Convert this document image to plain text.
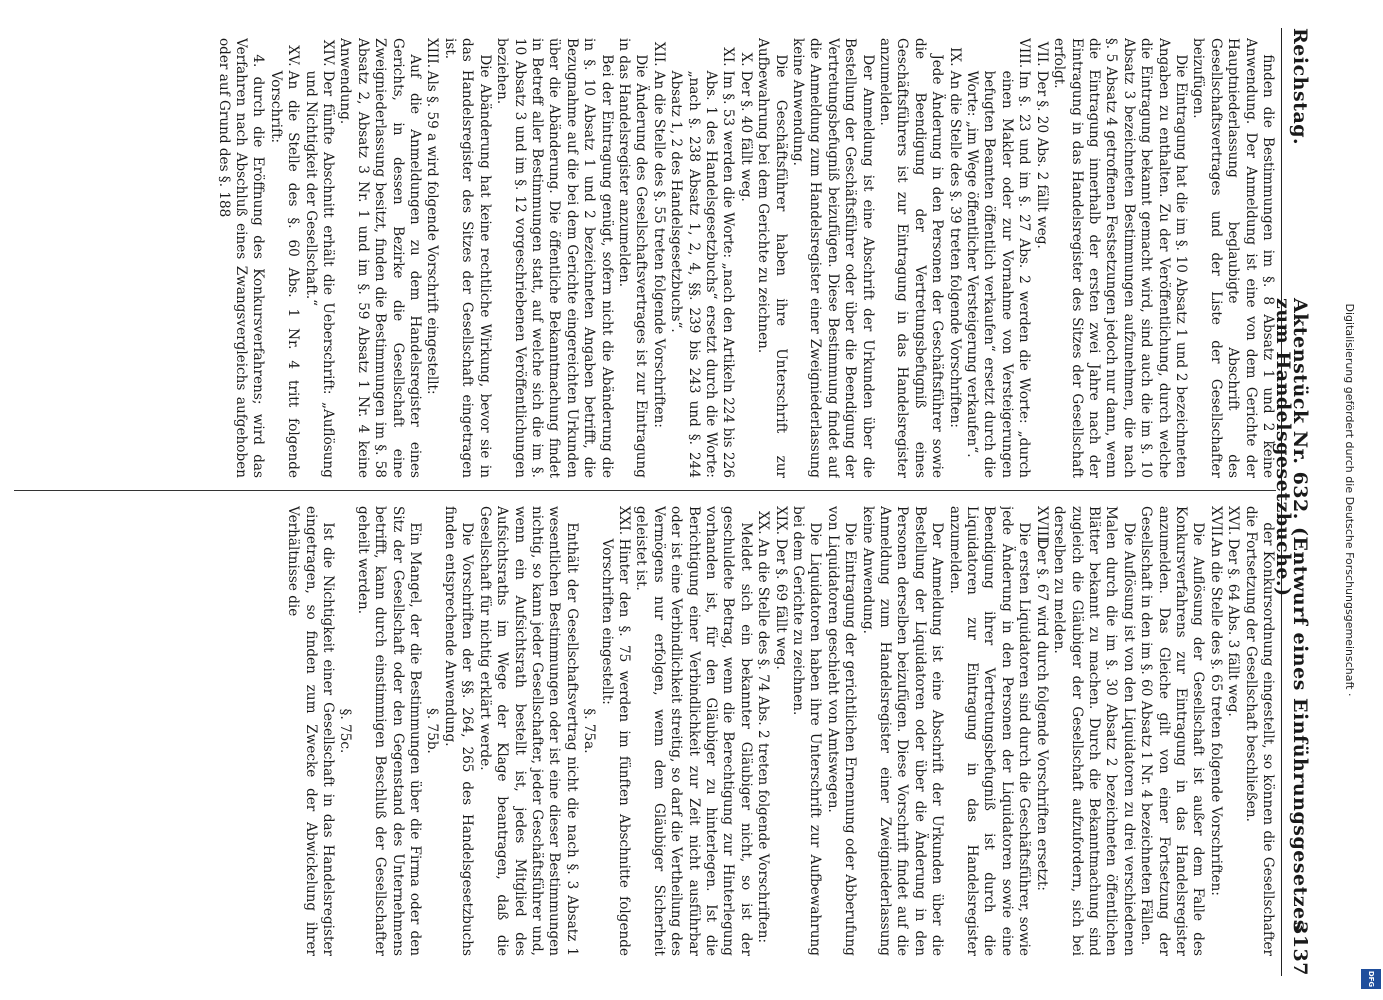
Reichstag.
Aktenstück Nr. 632. (Entwurf eines Einführungsgesetzes zum Handelsgesetzbuche.)
3137

finden die Bestimmungen im §. 8 Absatz 1 und 2 keine Anwendung. Der Anmeldung ist eine von dem Gerichte der Hauptniederlassung beglaubigte Abschrift des Gesellschaftsvertrages und der Liste der Gesellschafter beizufügen.

Die Eintragung hat die im §. 10 Absatz 1 und 2 bezeichneten Angaben zu enthalten. Zu der Veröffentlichung, durch welche die Eintragung bekannt gemacht wird, sind auch die im §. 10 Absatz 3 bezeichneten Bestimmungen aufzunehmen, die nach §. 5 Absatz 4 getroffenen Festsetzungen jedoch nur dann, wenn die Eintragung innerhalb der ersten zwei Jahre nach der Eintragung in das Handelsregister des Sitzes der Gesellschaft erfolgt.

VII.Der §. 20 Abs. 2 fällt weg.

VIII.Im §. 23 und im §. 27 Abs. 2 werden die Worte: „durch einen Makler oder zur Vornahme von Versteigerungen befugten Beamten öffentlich verkaufen“ ersetzt durch die Worte: „im Wege öffentlicher Versteigerung verkaufen“.

IX.An die Stelle des §. 39 treten folgende Vorschriften:

Jede Änderung in den Personen der Geschäftsführer sowie die Beendigung der Vertretungsbefugniß eines Geschäftsführers ist zur Eintragung in das Handelsregister anzumelden.

Der Anmeldung ist eine Abschrift der Urkunden über die Bestellung der Geschäftsführer oder über die Beendigung der Vertretungsbefugniß beizufügen. Diese Bestimmung findet auf die Anmeldung zum Handelsregister einer Zweigniederlassung keine Anwendung.

Die Geschäftsführer haben ihre Unterschrift zur Aufbewahrung bei dem Gerichte zu zeichnen.

X.Der §. 40 fällt weg.

XI.Im §. 53 werden die Worte: „nach den Artikeln 224 bis 226 Abs. 1 des Handelsgesetzbuchs“ ersetzt durch die Worte: „nach §. 238 Absatz 1, 2, 4, §§. 239 bis 243 und §. 244 Absatz 1, 2 des Handelsgesetzbuchs“.

XII.An die Stelle des §. 55 treten folgende Vorschriften:

Die Änderung des Gesellschaftsvertrages ist zur Eintragung in das Handelsregister anzumelden.

Bei der Eintragung genügt, sofern nicht die Abänderung die in §. 10 Absatz 1 und 2 bezeichneten Angaben betrifft, die Bezugnahme auf die bei dem Gerichte eingereichten Urkunden über die Abänderung. Die öffentliche Bekanntmachung findet in Betreff aller Bestimmungen statt, auf welche sich die im §. 10 Absatz 3 und im §. 12 vorgeschriebenen Veröffentlichungen beziehen.

Die Abänderung hat keine rechtliche Wirkung, bevor sie in das Handelsregister des Sitzes der Gesellschaft eingetragen ist.

XIII.Als §. 59 a wird folgende Vorschrift eingestellt:

Auf die Anmeldungen zu dem Handelsregister eines Gerichts, in dessen Bezirke die Gesellschaft eine Zweigniederlassung besitzt, finden die Bestimmungen im §. 58 Absatz 2, Absatz 3 Nr. 1 und im §. 59 Absatz 1 Nr. 4 keine Anwendung.

XIV.Der fünfte Abschnitt erhält die Ueberschrift: „Auflösung und Nichtigkeit der Gesellschaft.“

XV.An die Stelle des §. 60 Abs. 1 Nr. 4 tritt folgende Vorschrift:

4. durch die Eröffnung des Konkursverfahrens; wird das Verfahren nach Abschluß eines Zwangsvergleichs aufgehoben oder auf Grund des §. 188

der Konkursordnung eingestellt, so können die Gesellschafter die Fortsetzung der Gesellschaft beschließen.

XVI.Der §. 64 Abs. 3 fällt weg.

XVII.An die Stelle des §. 65 treten folgende Vorschriften:

Die Auflösung der Gesellschaft ist außer dem Falle des Konkursverfahrens zur Eintragung in das Handelsregister anzumelden. Das Gleiche gilt von einer Fortsetzung der Gesellschaft in den im §. 60 Absatz 1 Nr. 4 bezeichneten Fällen.

Die Auflösung ist von den Liquidatoren zu drei verschiedenen Malen durch die im §. 30 Absatz 2 bezeichneten öffentlichen Blätter bekannt zu machen. Durch die Bekanntmachung sind zugleich die Gläubiger der Gesellschaft aufzufordern, sich bei derselben zu melden.

XVIII.Der §. 67 wird durch folgende Vorschriften ersetzt:

Die ersten Liquidatoren sind durch die Geschäftsführer, sowie jede Änderung in den Personen der Liquidatoren sowie eine Beendigung ihrer Vertretungsbefugniß ist durch die Liquidatoren zur Eintragung in das Handelsregister anzumelden.

Der Anmeldung ist eine Abschrift der Urkunden über die Bestellung der Liquidatoren oder über die Änderung in den Personen derselben beizufügen. Diese Vorschrift findet auf die Anmeldung zum Handelsregister einer Zweigniederlassung keine Anwendung.

Die Eintragung der gerichtlichen Ernennung oder Abberufung von Liquidatoren geschieht von Amtswegen.

Die Liquidatoren haben ihre Unterschrift zur Aufbewahrung bei dem Gerichte zu zeichnen.

XIX.Der §. 69 fällt weg.

XX.An die Stelle des §. 74 Abs. 2 treten folgende Vorschriften:

Meldet sich ein bekannter Gläubiger nicht, so ist der geschuldete Betrag, wenn die Berechtigung zur Hinterlegung vorhanden ist, für den Gläubiger zu hinterlegen. Ist die Berichtigung einer Verbindlichkeit zur Zeit nicht ausführbar oder ist eine Verbindlichkeit streitig, so darf die Vertheilung des Vermögens nur erfolgen, wenn dem Gläubiger Sicherheit geleistet ist.

XXI.Hinter den §. 75 werden im fünften Abschnitte folgende Vorschriften eingestellt:

§. 75a.

Enthält der Gesellschaftsvertrag nicht die nach §. 3 Absatz 1 wesentlichen Bestimmungen oder ist eine dieser Bestimmungen nichtig, so kann jeder Gesellschafter, jeder Geschäftsführer und, wenn ein Aufsichtsrath bestellt ist, jedes Mitglied des Aufsichtsraths im Wege der Klage beantragen, daß die Gesellschaft für nichtig erklärt werde.

Die Vorschriften der §§. 264, 265 des Handelsgesetzbuchs finden entsprechende Anwendung.

§. 75b.

Ein Mangel, der die Bestimmungen über die Firma oder den Sitz der Gesellschaft oder den Gegenstand des Unternehmens betrifft, kann durch einstimmigen Beschluß der Gesellschafter geheilt werden.

§. 75c.

Ist die Nichtigkeit einer Gesellschaft in das Handelsregister eingetragen, so finden zum Zwecke der Abwickelung ihrer Verhältnisse die	Digitalisierung gefördert durch die Deutsche Forschungsgemeinschaft ·
DFG
